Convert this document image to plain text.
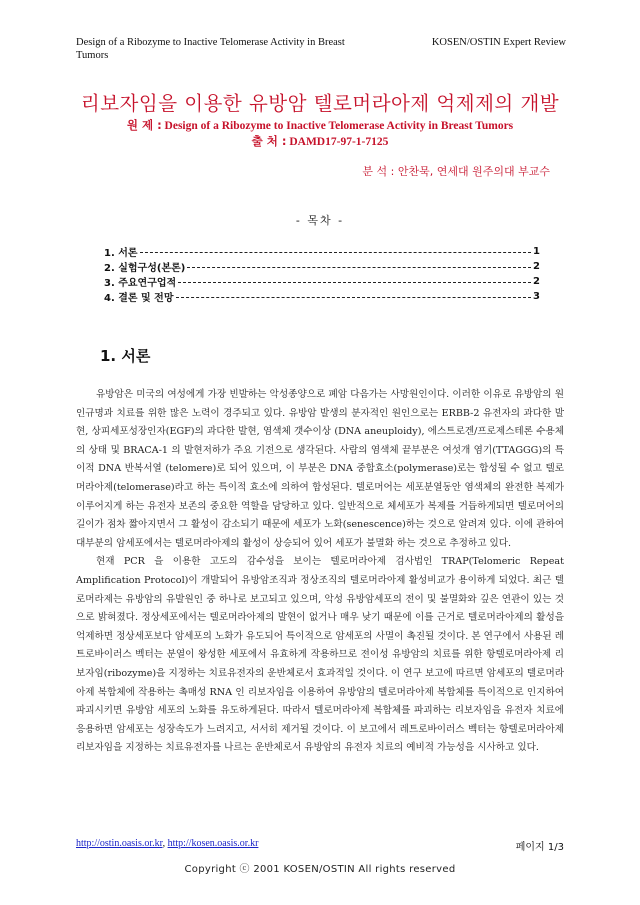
Design of a Ribozyme to Inactive Telomerase Activity in Breast Tumors
KOSEN/OSTIN Expert Review
리보자임을 이용한 유방암 텔로머라아제 억제제의 개발
원 제 : Design of a Ribozyme to Inactive Telomerase Activity in Breast Tumors
출 처 : DAMD17-97-1-7125
분 석 : 안찬묵, 연세대 원주의대 부교수
- 목차 -
1. 서론	1
2. 실험구성(본론)	2
3. 주요연구업적	2
4. 결론 및 전망	3
1. 서론

유방암은 미국의 여성에게 가장 빈발하는 악성종양으로 폐암 다음가는 사망원인이다. 이러한 이유로 유방암의 원인규명과 치료를 위한 많은 노력이 경주되고 있다. 유방암 발생의 분자적인 원인으로는 ERBB-2 유전자의 과다한 발현, 상피세포성장인자(EGF)의 과다한 발현, 염색체 갯수이상 (DNA aneuploidy), 에스트로겐/프로제스테론 수용체의 상태 및 BRACA-1 의 발현저하가 주요 기전으로 생각된다. 사람의 염색체 끝부분은 여섯개 염기(TTAGGG)의 특이적 DNA 반복서열 (telomere)로 되어 있으며, 이 부분은 DNA 중합효소(polymerase)로는 합성될 수 없고 텔로머라아제(telomerase)라고 하는 특이적 효소에 의하여 합성된다. 텔로머어는 세포분열동안 염색체의 완전한 복제가 이루어지게 하는 유전자 보존의 중요한 역할을 담당하고 있다. 일반적으로 체세포가 복제를 거듭하게되면 텔로머어의 길이가 점차 짧아지면서 그 활성이 감소되기 때문에 세포가 노화(senescence)하는 것으로 알려져 있다. 이에 관하여 대부분의 암세포에서는 텔로머라아제의 활성이 상승되어 있어 세포가 불멸화 하는 것으로 추정하고 있다.

현재 PCR 을 이용한 고도의 감수성을 보이는 텔로머라아제 검사법인 TRAP(Telomeric Repeat Amplification Protocol)이 개발되어 유방암조직과 정상조직의 텔로머라아제 활성비교가 용이하게 되었다. 최근 텔로머라제는 유방암의 유발원인 중 하나로 보고되고 있으며, 악성 유방암세포의 전이 및 불멸화와 깊은 연관이 있는 것으로 밝혀졌다. 정상세포에서는 텔로머라아제의 발현이 없거나 매우 낮기 때문에 이를 근거로 텔로머라아제의 활성을 억제하면 정상세포보다 암세포의 노화가 유도되어 특이적으로 암세포의 사멸이 촉진될 것이다. 본 연구에서 사용된 레트로바이러스 벡터는 분열이 왕성한 세포에서 유효하게 작용하므로 전이성 유방암의 치료를 위한 항텔로머라아제 리보자임(ribozyme)을 지정하는 치료유전자의 운반체로서 효과적일 것이다. 이 연구 보고에 따르면 암세포의 텔로머라아제 복합체에 작용하는 촉매성 RNA 인 리보자임을 이용하여 유방암의 텔로머라아제 복합체를 특이적으로 인지하여 파괴시키면 유방암 세포의 노화를 유도하게된다. 따라서 텔로머라아제 복합체를 파괴하는 리보자임을 유전자 치료에 응용하면 암세포는 성장속도가 느려지고, 서서히 제거될 것이다. 이 보고에서 레트로바이러스 벡터는 항텔로머라아제 리보자임을 지정하는 치료유전자를 나르는 운반체로서 유방암의 유전자 치료의 예비적 가능성을 시사하고 있다.

http://ostin.oasis.or.kr, http://kosen.oasis.or.kr	페이지 1/3
Copyright ⓒ 2001 KOSEN/OSTIN All rights reserved
